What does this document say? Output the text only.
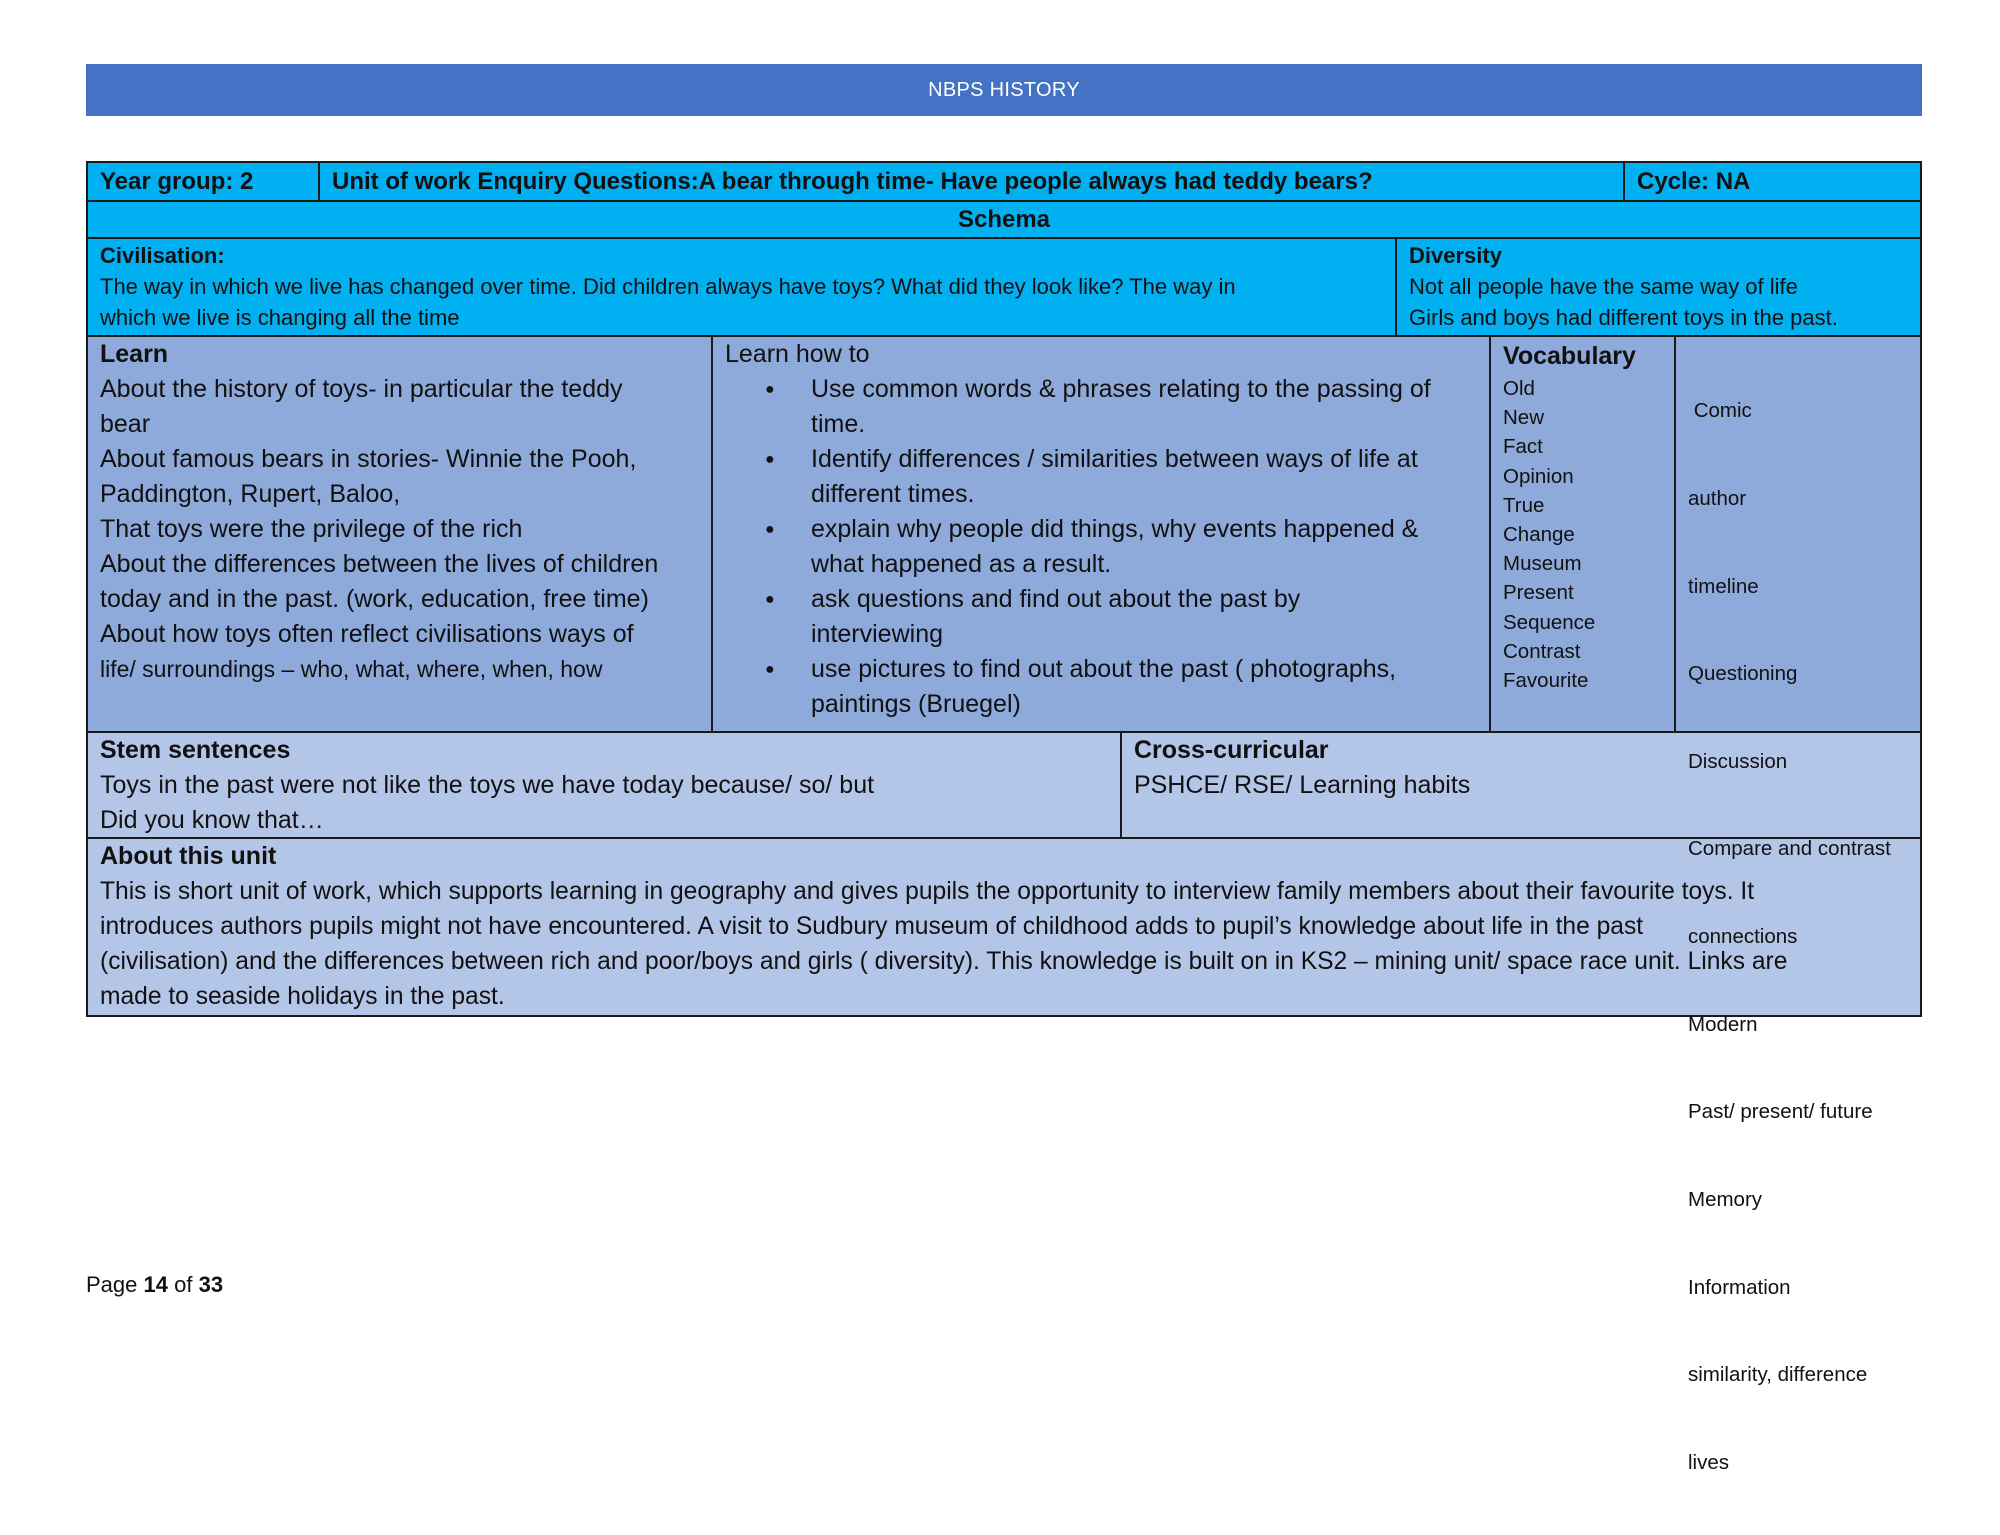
NBPS HISTORY
Year group: 2	Unit of work Enquiry Questions:A bear through time- Have people always had teddy bears?	Cycle: NA
Schema
Civilisation:
The way in which we live has changed over time. Did children always have toys? What did they look like? The way in
which we live is changing all the time
Diversity
Not all people have the same way of life
Girls and boys had different toys in the past.
Learn
About the history of toys- in particular the teddy
bear
About famous bears in stories- Winnie the Pooh,
Paddington, Rupert, Baloo,
That toys were the privilege of the rich
About the differences between the lives of children
today and in the past. (work, education, free time)
About how toys often reflect civilisations ways of
life/ surroundings – who, what, where, when, how
Learn how to
● Use common words & phrases relating to the passing of
time.
● Identify differences / similarities between ways of life at
different times.
● explain why people did things, why events happened &
what happened as a result.
● ask questions and find out about the past by
interviewing
● use pictures to find out about the past ( photographs,
paintings (Bruegel)
Vocabulary
Old
New
Fact
Opinion
True
Change
Museum
Present
Sequence
Contrast
Favourite

Comic

author

timeline

Questioning

Discussion

Compare and contrast

connections

Modern

Past/ present/ future

Memory

Information

similarity, difference

lives

Stem sentences
Toys in the past were not like the toys we have today because/ so/ but
Did you know that…
Cross-curricular
PSHCE/ RSE/ Learning habits
About this unit
This is short unit of work, which supports learning in geography and gives pupils the opportunity to interview family members about their favourite toys. It
introduces authors pupils might not have encountered. A visit to Sudbury museum of childhood adds to pupil’s knowledge about life in the past
(civilisation) and the differences between rich and poor/boys and girls ( diversity). This knowledge is built on in KS2 – mining unit/ space race unit. Links are
made to seaside holidays in the past.
Page 14 of 33
